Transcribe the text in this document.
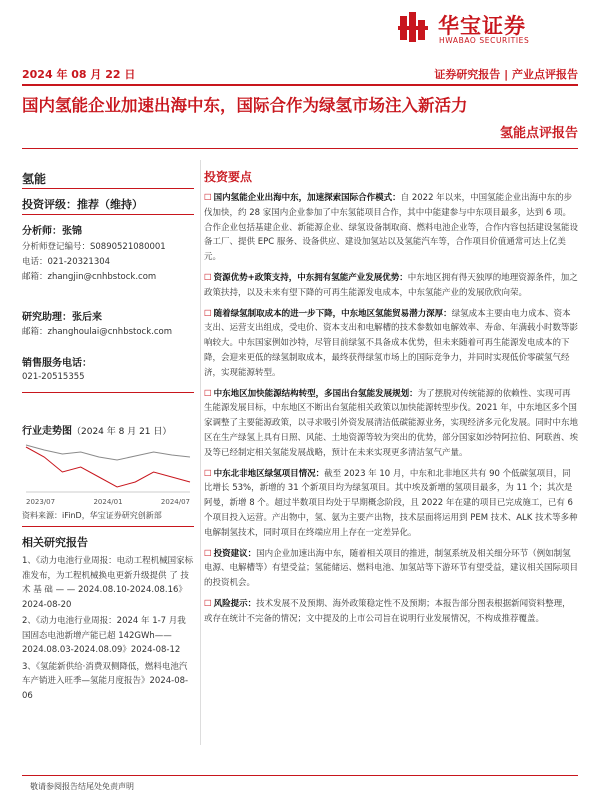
华宝证券
HWABAO SECURITIES
2024 年 08 月 22 日	证券研究报告 | 产业点评报告
国内氢能企业加速出海中东，国际合作为绿氢市场注入新活力
氢能点评报告
氢能
投资评级：推荐（维持）
分析师：张锦
分析师登记编号：S0890521080001
电话：021-20321304
邮箱：zhangjin@cnhbstock.com
研究助理：张后来
邮箱：zhanghoulai@cnhbstock.com
销售服务电话：
021-20515355
行业走势图（2024 年 8 月 21 日）
2023/07	2024/01	2024/07
资料来源：iFinD，华宝证券研究创新部
相关研究报告
1、《动力电池行业周报：电动工程机械国家标准发布，为工程机械换电更新升级提供 了 技 术 基 础 — — 2024.08.10-2024.08.16》2024-08-20
2、《动力电池行业周报：2024 年 1-7 月我国固态电池新增产能已超 142GWh——2024.08.03-2024.08.09》2024-08-12
3、《氢能新供给·消费双侧降低，燃料电池汽车产销进入旺季—氢能月度报告》2024-08-06
投资要点
☐ 国内氢能企业出海中东，加速探索国际合作模式：自 2022 年以来，中国氢能企业出海中东的步伐加快，约 28 家国内企业参加了中东氢能项目合作，其中中能建参与中东项目最多，达到 6 项。合作企业包括基建企业、新能源企业、绿氢设备制取商、燃料电池企业等，合作内容包括建设氢能设备工厂、提供 EPC 服务、设备供应、建设加氢站以及氢能汽车等，合作项目价值通常可达上亿美元。
☐ 资源优势+政策支持，中东拥有氢能产业发展优势：中东地区拥有得天独厚的地理资源条件，加之政策扶持，以及未来有望下降的可再生能源发电成本，中东氢能产业的发展欣欣向荣。
☐ 随着绿氢制取成本的进一步下降，中东地区氢能贸易潜力深厚：绿氢成本主要由电力成本、资本支出、运营支出组成，受电价、资本支出和电解槽的技术参数如电解效率、寿命、年满载小时数等影响较大。中东国家例如沙特，尽管目前绿氢不具备成本优势，但未来随着可再生能源发电成本的下降，会迎来更低的绿氢制取成本，最终获得绿氢市场上的国际竞争力，并同时实现低价零碳氢气经济，实现能源转型。
☐ 中东地区加快能源结构转型，多国出台氢能发展规划：为了摆脱对传统能源的依赖性、实现可再生能源发展目标，中东地区不断出台氢能相关政策以加快能源转型步伐。2021 年，中东地区多个国家调整了主要能源政策，以寻求吸引外资发展清洁低碳能源业务，实现经济多元化发展。同时中东地区在生产绿氢上具有日照、风能、土地资源等较为突出的优势，部分国家如沙特阿拉伯、阿联酋、埃及等已经制定相关氢能发展战略，预计在未来实现更多清洁氢气产量。
☐ 中东北非地区绿氢项目情况：截至 2023 年 10 月，中东和北非地区共有 90 个低碳氢项目，同比增长 53%，新增的 31 个新项目均为绿氢项目。其中埃及新增的氢项目最多，为 11 个；其次是阿曼，新增 8 个。超过半数项目均处于早期概念阶段，且 2022 年在建的项目已完成施工，已有 6 个项目投入运营。产出物中，氢、氨为主要产出物，技术层面将运用到 PEM 技术、ALK 技术等多种电解制氢技术，同时项目在终端应用上存在一定差异化。
☐ 投资建议：国内企业加速出海中东，随着相关项目的推进，制氢系统及相关细分环节（例如制氢电源、电解槽等）有望受益；氢能储运、燃料电池、加氢站等下游环节有望受益，建议相关国际项目的投资机会。
☐ 风险提示：技术发展不及预期、海外政策稳定性不及预期；本报告部分图表根据新闻资料整理，或存在统计不完备的情况；文中提及的上市公司旨在说明行业发展情况，不构成推荐覆盖。
敬请参阅报告结尾处免责声明
